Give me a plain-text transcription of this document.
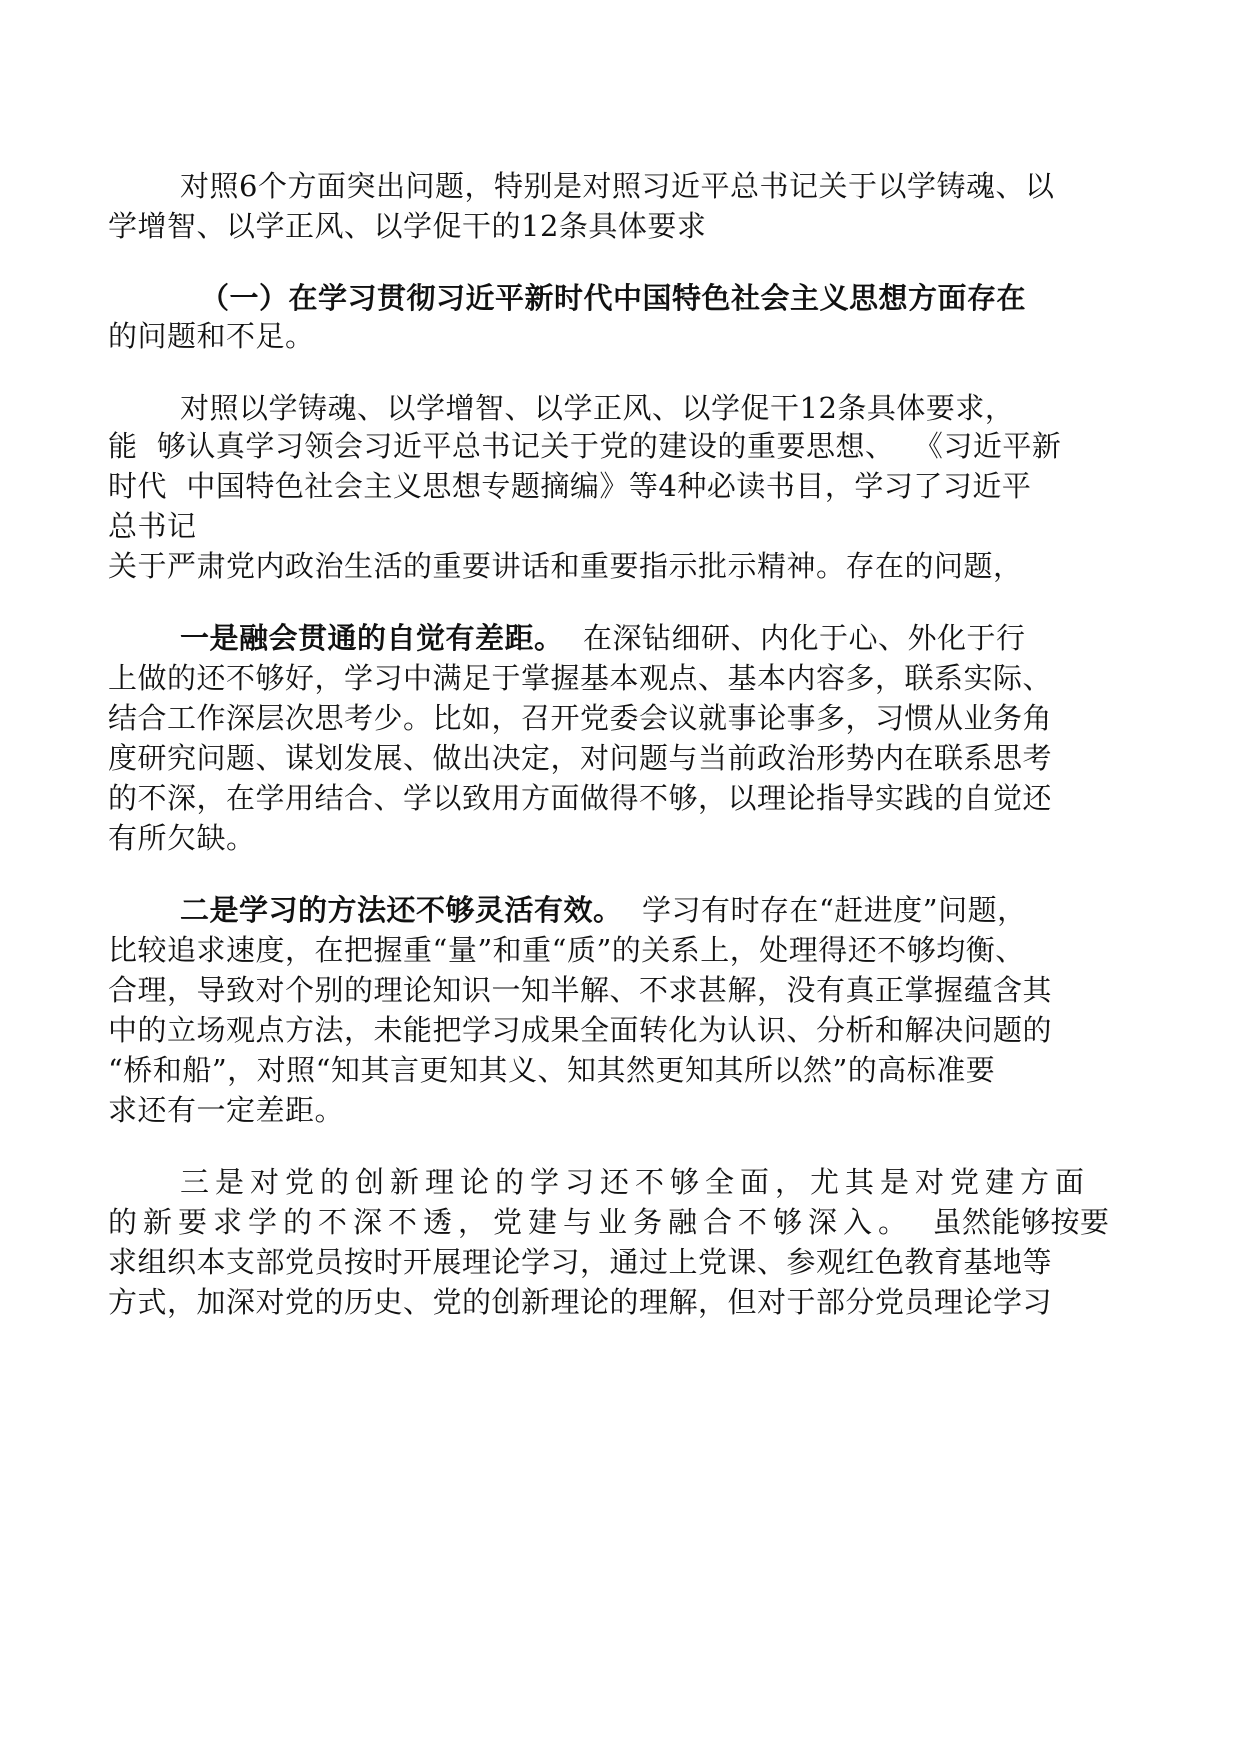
对照6个方面突出问题，特别是对照习近平总书记关于以学铸魂、以
学增智、以学正风、以学促干的12条具体要求
（一）在学习贯彻习近平新时代中国特色社会主义思想方面存在
的问题和不足。
对照以学铸魂、以学增智、以学正风、以学促干12条具体要求，
能  够认真学习领会习近平总书记关于党的建设的重要思想、  《习近平新
时代  中国特色社会主义思想专题摘编》等4种必读书目，学习了习近平
总书记
关于严肃党内政治生活的重要讲话和重要指示批示精神。存在的问题，
一是融会贯通的自觉有差距。  在深钻细研、内化于心、外化于行
上做的还不够好，学习中满足于掌握基本观点、基本内容多，联系实际、
结合工作深层次思考少。比如，召开党委会议就事论事多，习惯从业务角
度研究问题、谋划发展、做出决定，对问题与当前政治形势内在联系思考
的不深，在学用结合、学以致用方面做得不够，以理论指导实践的自觉还
有所欠缺。
二是学习的方法还不够灵活有效。  学习有时存在“赶进度”问题，
比较追求速度，在把握重“量”和重“质”的关系上，处理得还不够均衡、
合理，导致对个别的理论知识一知半解、不求甚解，没有真正掌握蕴含其
中的立场观点方法，未能把学习成果全面转化为认识、分析和解决问题的
“桥和船”，对照“知其言更知其义、知其然更知其所以然”的高标准要
求还有一定差距。
三是对党的创新理论的学习还不够全面，尤其是对党建方面
的新要求学的不深不透，党建与业务融合不够深入。  虽然能够按要
求组织本支部党员按时开展理论学习，通过上党课、参观红色教育基地等
方式，加深对党的历史、党的创新理论的理解，但对于部分党员理论学习
